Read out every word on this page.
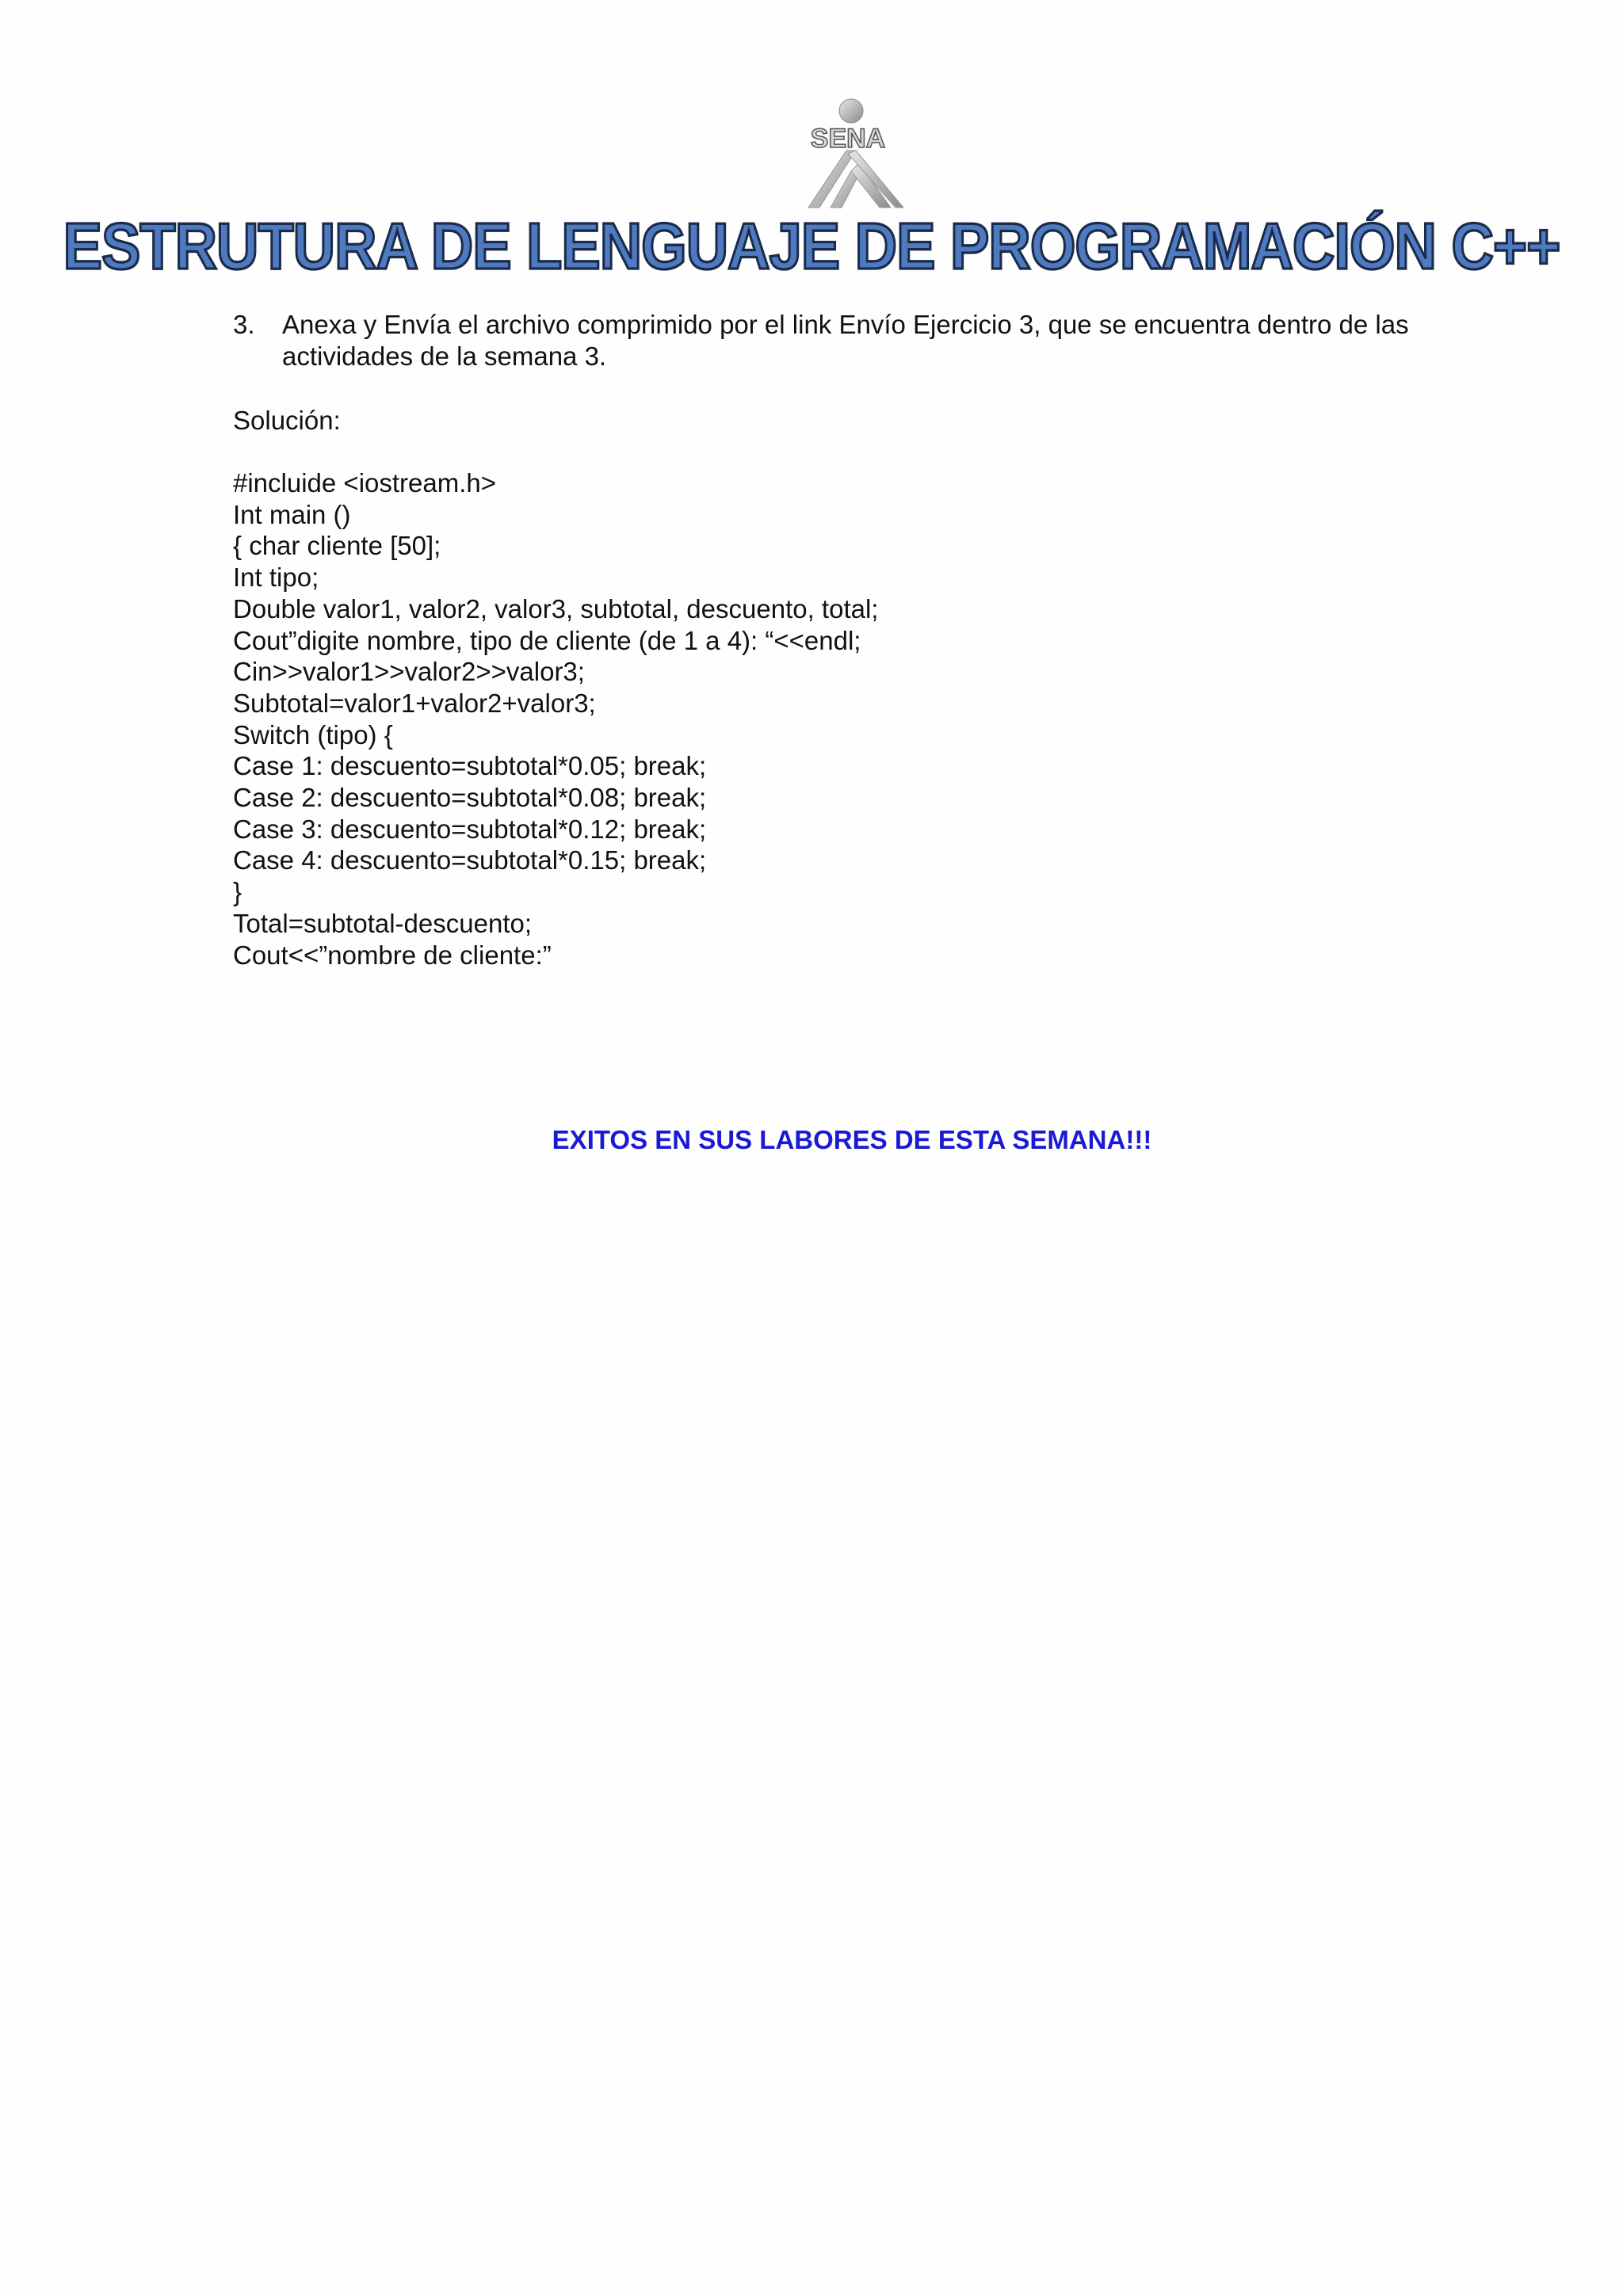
SENA
ESTRUTURA DE LENGUAJE DE PROGRAMACIÓN C++
3. Anexa y Envía el archivo comprimido por el link Envío Ejercicio 3, que se encuentra dentro de las actividades de la semana 3.
Solución:
#incluide <iostream.h>
Int main ()
{ char cliente [50];
Int tipo;
Double valor1, valor2, valor3, subtotal, descuento, total;
Cout”digite nombre, tipo de cliente (de 1 a 4): “<<endl;
Cin>>valor1>>valor2>>valor3;
Subtotal=valor1+valor2+valor3;
Switch (tipo) {
Case 1: descuento=subtotal*0.05; break;
Case 2: descuento=subtotal*0.08; break;
Case 3: descuento=subtotal*0.12; break;
Case 4: descuento=subtotal*0.15; break;
}
Total=subtotal-descuento;
Cout<<”nombre de cliente:”
EXITOS EN SUS LABORES DE ESTA SEMANA!!!
